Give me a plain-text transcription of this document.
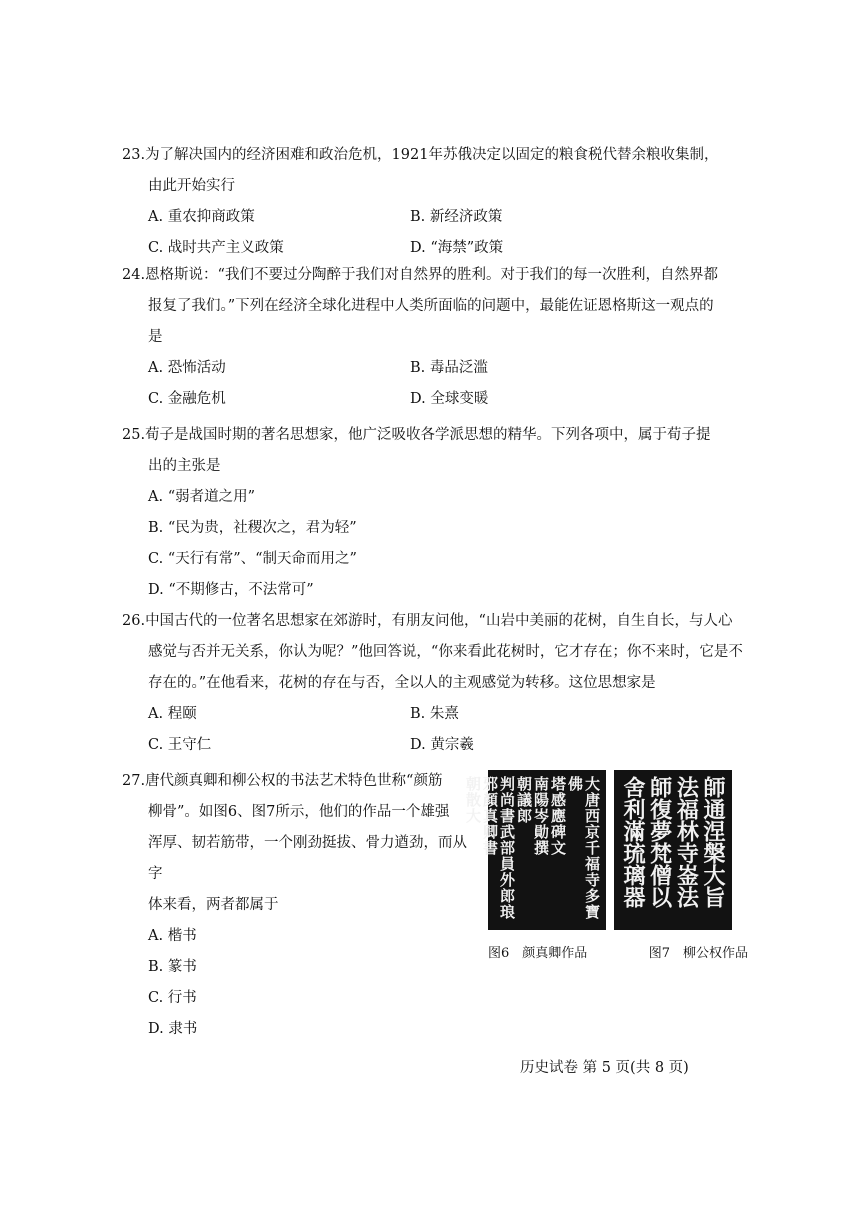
23.为了解决国内的经济困难和政治危机，1921年苏俄决定以固定的粮食税代替余粮收集制，

由此开始实行

A. 重农抑商政策	B. 新经济政策
C. 战时共产主义政策	D. “海禁”政策

24.恩格斯说：“我们不要过分陶醉于我们对自然界的胜利。对于我们的每一次胜利，自然界都

报复了我们。”下列在经济全球化进程中人类所面临的问题中，最能佐证恩格斯这一观点的

是

A. 恐怖活动	B. 毒品泛滥
C. 金融危机	D. 全球变暖

25.荀子是战国时期的著名思想家，他广泛吸收各学派思想的精华。下列各项中，属于荀子提

出的主张是

A. “弱者道之用”
B. “民为贵，社稷次之，君为轻”
C. “天行有常”、“制天命而用之”
D. “不期修古，不法常可”

26.中国古代的一位著名思想家在郊游时，有朋友问他，“山岩中美丽的花树，自生自长，与人心

感觉与否并无关系，你认为呢？”他回答说，“你来看此花树时，它才存在；你不来时，它是不

存在的。”在他看来，花树的存在与否，全以人的主观感觉为转移。这位思想家是

A. 程颐	B. 朱熹
C. 王守仁	D. 黄宗羲

27.唐代颜真卿和柳公权的书法艺术特色世称“颜筋

柳骨”。如图6、图7所示，他们的作品一个雄强

浑厚、韧若筋带，一个刚劲挺拔、骨力遒劲，而从字

体来看，两者都属于

A. 楷书
B. 篆书
C. 行书
D. 隶书
大唐西京千福寺多寶佛
塔感應碑文
南陽岑勛撰
朝議郎
判尚書武部員外郎琅
邪顏真卿書
朝散大	師通涅槃大旨
法福林寺崟法
師復夢梵僧以
舍利滿琉璃器
图6　颜真卿作品	图7　柳公权作品
历史试卷 第 5 页(共 8 页)
